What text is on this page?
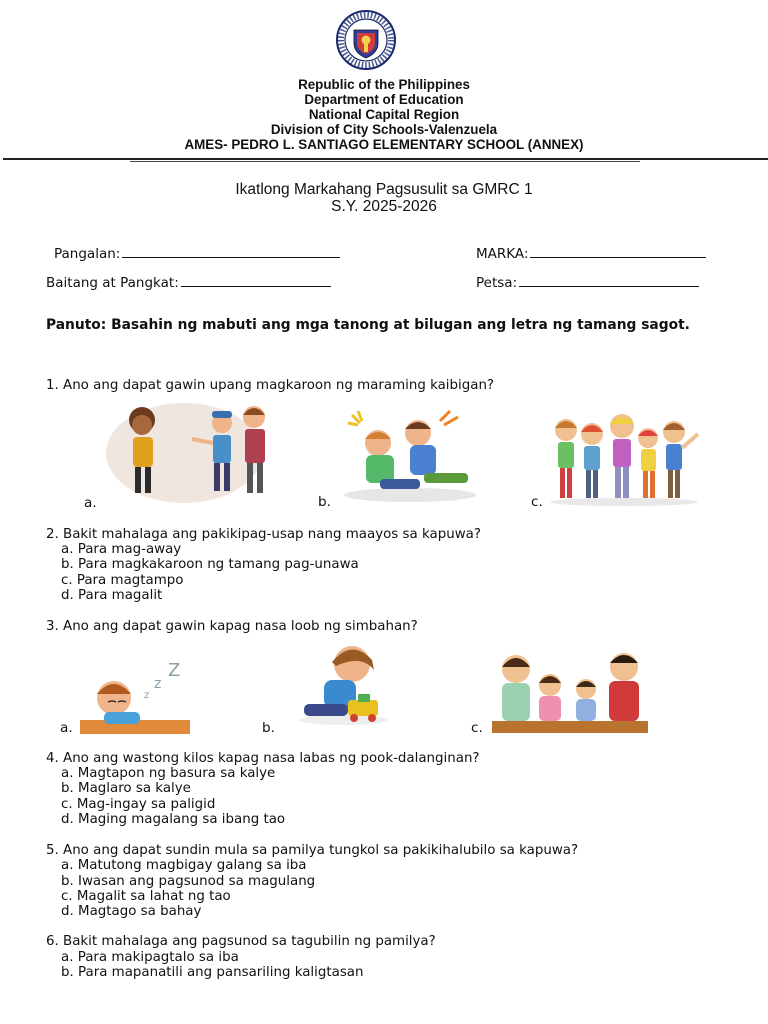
Republic of the Philippines
Department of Education
National Capital Region
Division of City Schools-Valenzuela
AMES- PEDRO L. SANTIAGO ELEMENTARY SCHOOL (ANNEX)
Ikatlong Markahang Pagsusulit sa GMRC 1
S.Y. 2025-2026
Pangalan:	MARKA:
Baitang at Pangkat:	Petsa:
Panuto: Basahin ng mabuti ang mga tanong at bilugan ang letra ng tamang sagot.
1. Ano ang dapat gawin upang magkaroon ng maraming kaibigan?
a.	b.	c.
2. Bakit mahalaga ang pakikipag-usap nang maayos sa kapuwa?
a. Para mag-away
b. Para magkakaroon ng tamang pag-unawa
c. Para magtampo
d. Para magalit
3. Ano ang dapat gawin kapag nasa loob ng simbahan?
z
z
Z
a.	b.	c.
4. Ano ang wastong kilos kapag nasa labas ng pook-dalanginan?
a. Magtapon ng basura sa kalye
b. Maglaro sa kalye
c. Mag-ingay sa paligid
d. Maging magalang sa ibang tao
5. Ano ang dapat sundin mula sa pamilya tungkol sa pakikihalubilo sa kapuwa?
a. Matutong magbigay galang sa iba
b. Iwasan ang pagsunod sa magulang
c. Magalit sa lahat ng tao
d. Magtago sa bahay
6. Bakit mahalaga ang pagsunod sa tagubilin ng pamilya?
a. Para makipagtalo sa iba
b. Para mapanatili ang pansariling kaligtasan
